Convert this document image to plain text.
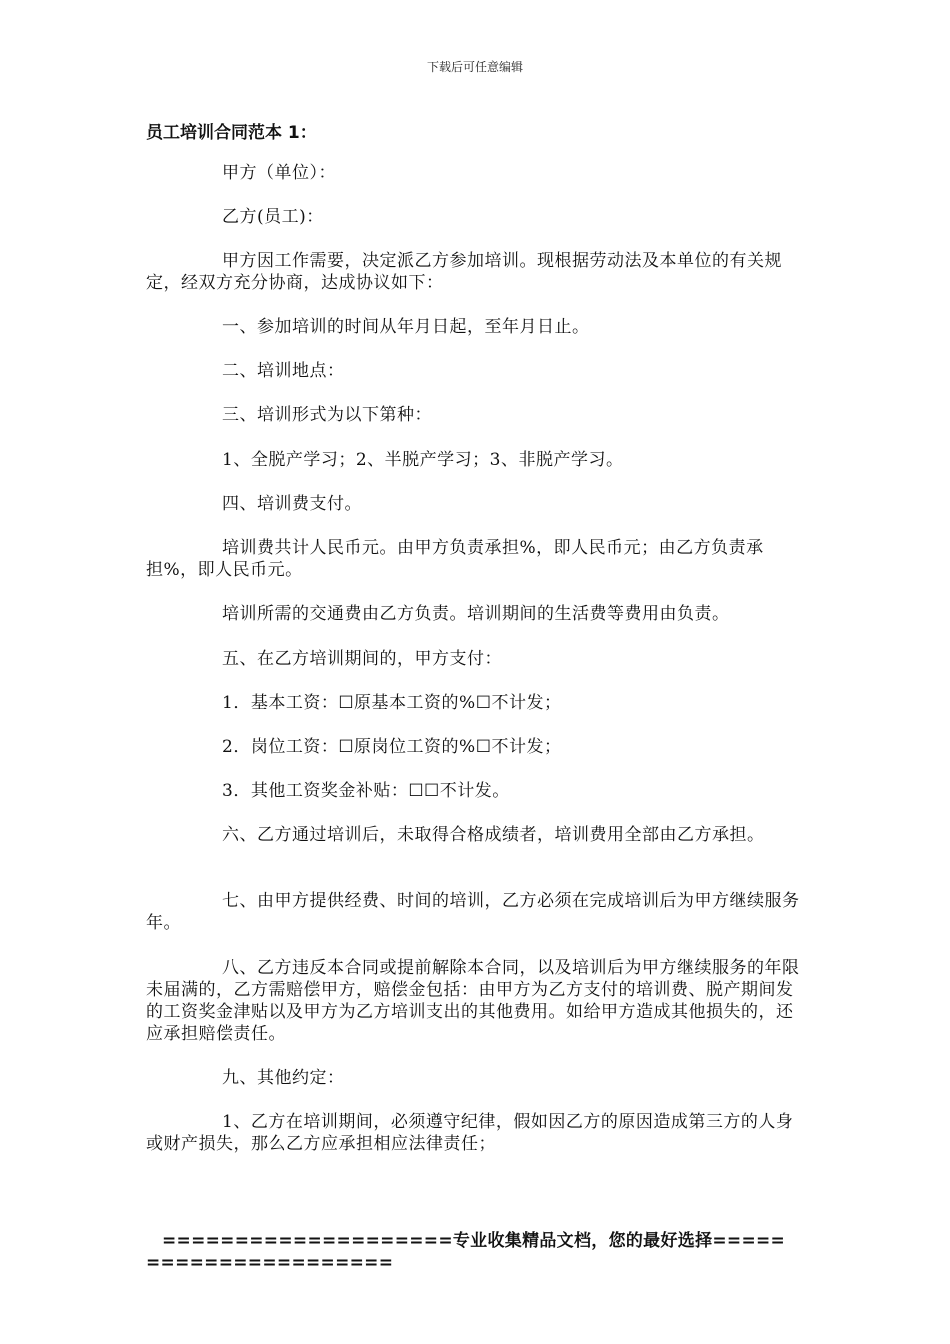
下载后可任意编辑
员工培训合同范本 1：
甲方（单位）：
乙方(员工)：
甲方因工作需要，决定派乙方参加培训。现根据劳动法及本单位的有关规定，经双方充分协商，达成协议如下：
一、参加培训的时间从年月日起，至年月日止。
二、培训地点：
三、培训形式为以下第种：
1、全脱产学习；2、半脱产学习；3、非脱产学习。
四、培训费支付。
培训费共计人民币元。由甲方负责承担%，即人民币元；由乙方负责承担%，即人民币元。
培训所需的交通费由乙方负责。培训期间的生活费等费用由负责。
五、在乙方培训期间的，甲方支付：
1．基本工资：☐原基本工资的%☐不计发；
2．岗位工资：☐原岗位工资的%☐不计发；
3．其他工资奖金补贴：☐☐不计发。
六、乙方通过培训后，未取得合格成绩者，培训费用全部由乙方承担。
七、由甲方提供经费、时间的培训，乙方必须在完成培训后为甲方继续服务年。
八、乙方违反本合同或提前解除本合同，以及培训后为甲方继续服务的年限未届满的，乙方需赔偿甲方，赔偿金包括：由甲方为乙方支付的培训费、脱产期间发的工资奖金津贴以及甲方为乙方培训支出的其他费用。如给甲方造成其他损失的，还应承担赔偿责任。
九、其他约定：
1、乙方在培训期间，必须遵守纪律，假如因乙方的原因造成第三方的人身或财产损失，那么乙方应承担相应法律责任；
====================专业收集精品文档，您的最好选择=====
=================
